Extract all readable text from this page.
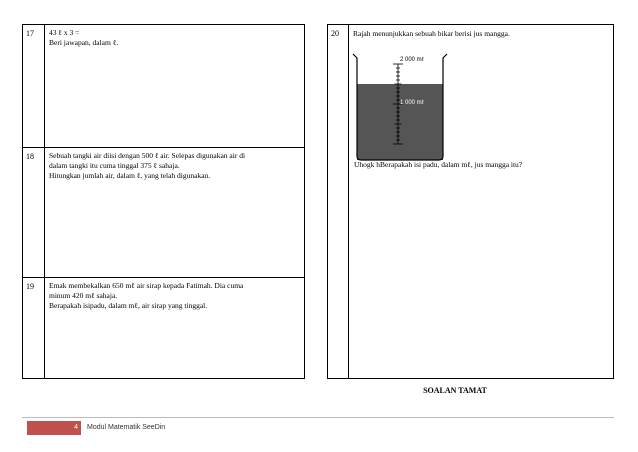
17	43 ℓ x 3 =
Beri jawapan, dalam ℓ.

18	Sebuah tangki air diisi dengan 500 ℓ air. Selepas digunakan air di
dalam tangki itu cuma tinggal 375 ℓ sahaja.
Hitungkan jumlah air, dalam ℓ, yang telah digunakan.

19	Emak membekalkan 650 mℓ air sirap kepada Fatimah. Dia cuma
minum 420 mℓ sahaja.
Berapakah isipadu, dalam mℓ, air sirap yang tinggal.
20	Rajah menunjukkan sebuah bikar berisi jus mangga.
2 000 mℓ
1 000 mℓ
Uhogk hBerapakah isi padu, dalam mℓ, jus mangga itu?
SOALAN TAMAT
4	Modul Matematik SeeDin
